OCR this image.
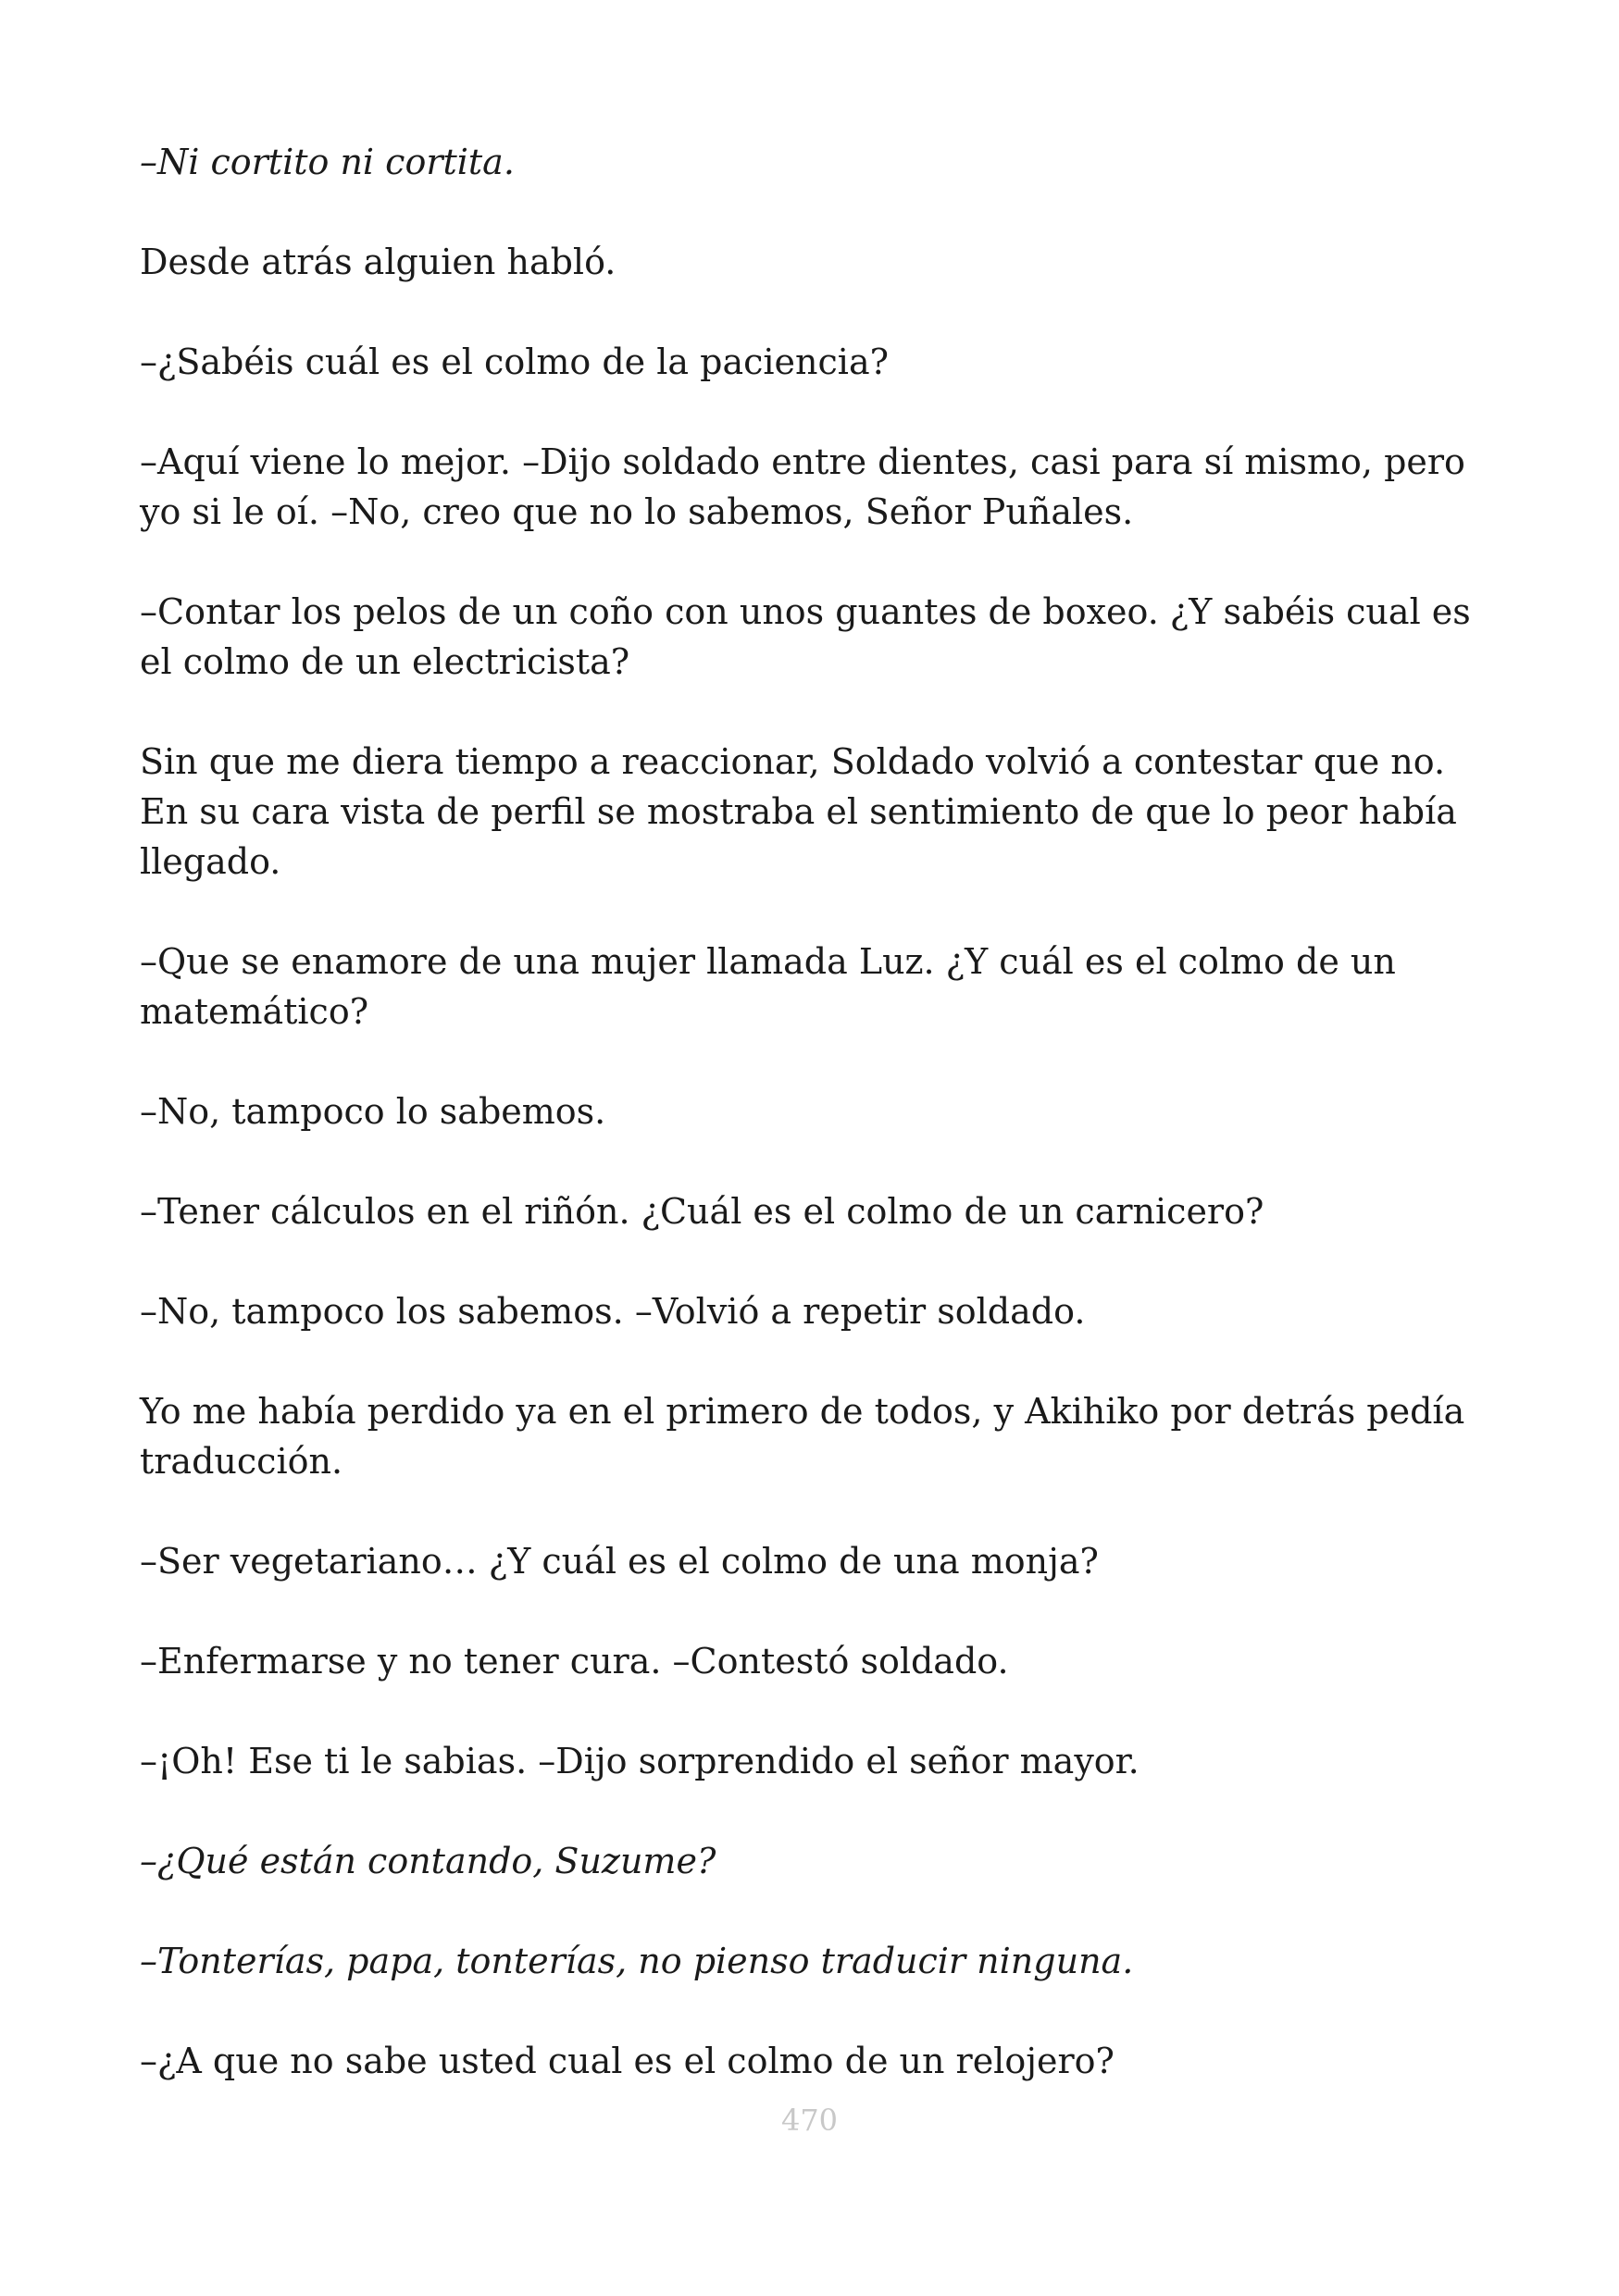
–Ni cortito ni cortita.

Desde atrás alguien habló.

–¿Sabéis cuál es el colmo de la paciencia?

–Aquí viene lo mejor. –Dijo soldado entre dientes, casi para sí mismo, pero yo si le oí. –No, creo que no lo sabemos, Señor Puñales.

–Contar los pelos de un coño con unos guantes de boxeo. ¿Y sabéis cual es el colmo de un electricista?

Sin que me diera tiempo a reaccionar, Soldado volvió a contestar que no. En su cara vista de perfil se mostraba el sentimiento de que lo peor había llegado.

–Que se enamore de una mujer llamada Luz. ¿Y cuál es el colmo de un matemático?

–No, tampoco lo sabemos.

–Tener cálculos en el riñón. ¿Cuál es el colmo de un carnicero?

–No, tampoco los sabemos. –Volvió a repetir soldado.

Yo me había perdido ya en el primero de todos, y Akihiko por detrás pedía traducción.

–Ser vegetariano… ¿Y cuál es el colmo de una monja?

–Enfermarse y no tener cura. –Contestó soldado.

–¡Oh! Ese ti le sabias. –Dijo sorprendido el señor mayor.

–¿Qué están contando, Suzume?

–Tonterías, papa, tonterías, no pienso traducir ninguna.

–¿A que no sabe usted cual es el colmo de un relojero?

470
